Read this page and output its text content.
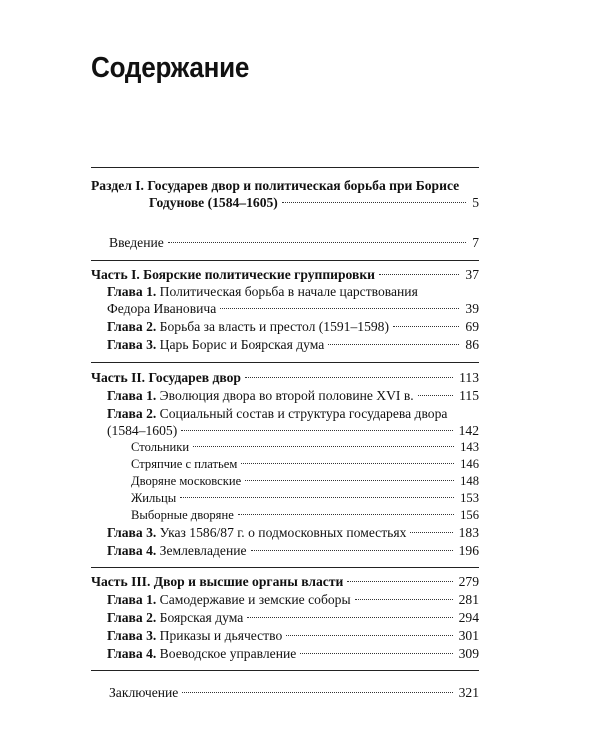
Содержание
Раздел I. Государев двор и политическая борьба при Борисе
Годунове (1584–1605)	5
Введение	7
Часть I. Боярские политические группировки	37
Глава 1. Политическая борьба в начале царствования
Федора Ивановича	39
Глава 2. Борьба за власть и престол (1591–1598)	69
Глава 3. Царь Борис и Боярская дума	86
Часть II. Государев двор	113
Глава 1. Эволюция двора во второй половине XVI в.	115
Глава 2. Социальный состав и структура государева двора
(1584–1605)	142
Стольники	143
Стряпчие с платьем	146
Дворяне московские	148
Жильцы	153
Выборные дворяне	156
Глава 3. Указ 1586/87 г. о подмосковных поместьях	183
Глава 4. Землевладение	196
Часть III. Двор и высшие органы власти	279
Глава 1. Самодержавие и земские соборы	281
Глава 2. Боярская дума	294
Глава 3. Приказы и дьячество	301
Глава 4. Воеводское управление	309
Заключение	321
